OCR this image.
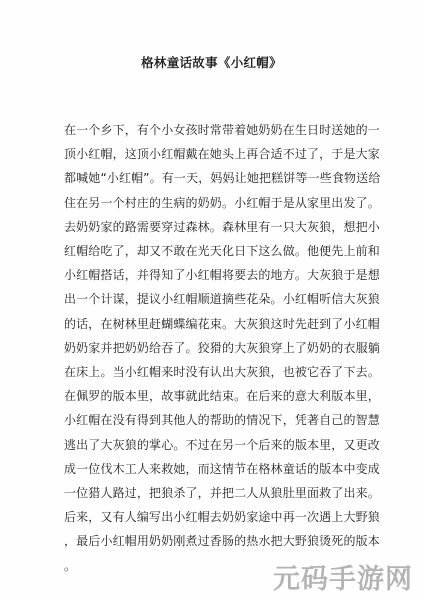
格林童话故事《小红帽》

在一个乡下，有个小女孩时常带着她奶奶在生日时送她的一
顶小红帽，这顶小红帽戴在她头上再合适不过了，于是大家
都喊她“小红帽”。有一天，妈妈让她把糕饼等一些食物送给
住在另一个村庄的生病的奶奶。小红帽于是从家里出发了。
去奶奶家的路需要穿过森林。森林里有一只大灰狼，想把小
红帽给吃了，却又不敢在光天化日下这么做。他便先上前和
小红帽搭话，并得知了小红帽将要去的地方。大灰狼于是想
出一个计谋，提议小红帽顺道摘些花朵。小红帽听信大灰狼
的话，在树林里赶蝴蝶编花束。大灰狼这时先赶到了小红帽
奶奶家并把奶奶给吞了。狡猾的大灰狼穿上了奶奶的衣服躺
在床上。当小红帽来时没有认出大灰狼，也被它吞了下去。
在佩罗的版本里，故事就此结束。在后来的意大利版本里，
小红帽在没有得到其他人的帮助的情况下，凭著自己的智慧
逃出了大灰狼的掌心。不过在另一个后来的版本里，又更改
成一位伐木工人来救她，而这情节在格林童话的版本中变成
一位猎人路过，把狼杀了，并把二人从狼肚里面救了出来。
后来，又有人编写出小红帽去奶奶家途中再一次遇上大野狼
，最后小红帽用奶奶刚煮过香肠的热水把大野狼烫死的版本
。	元码手游网
